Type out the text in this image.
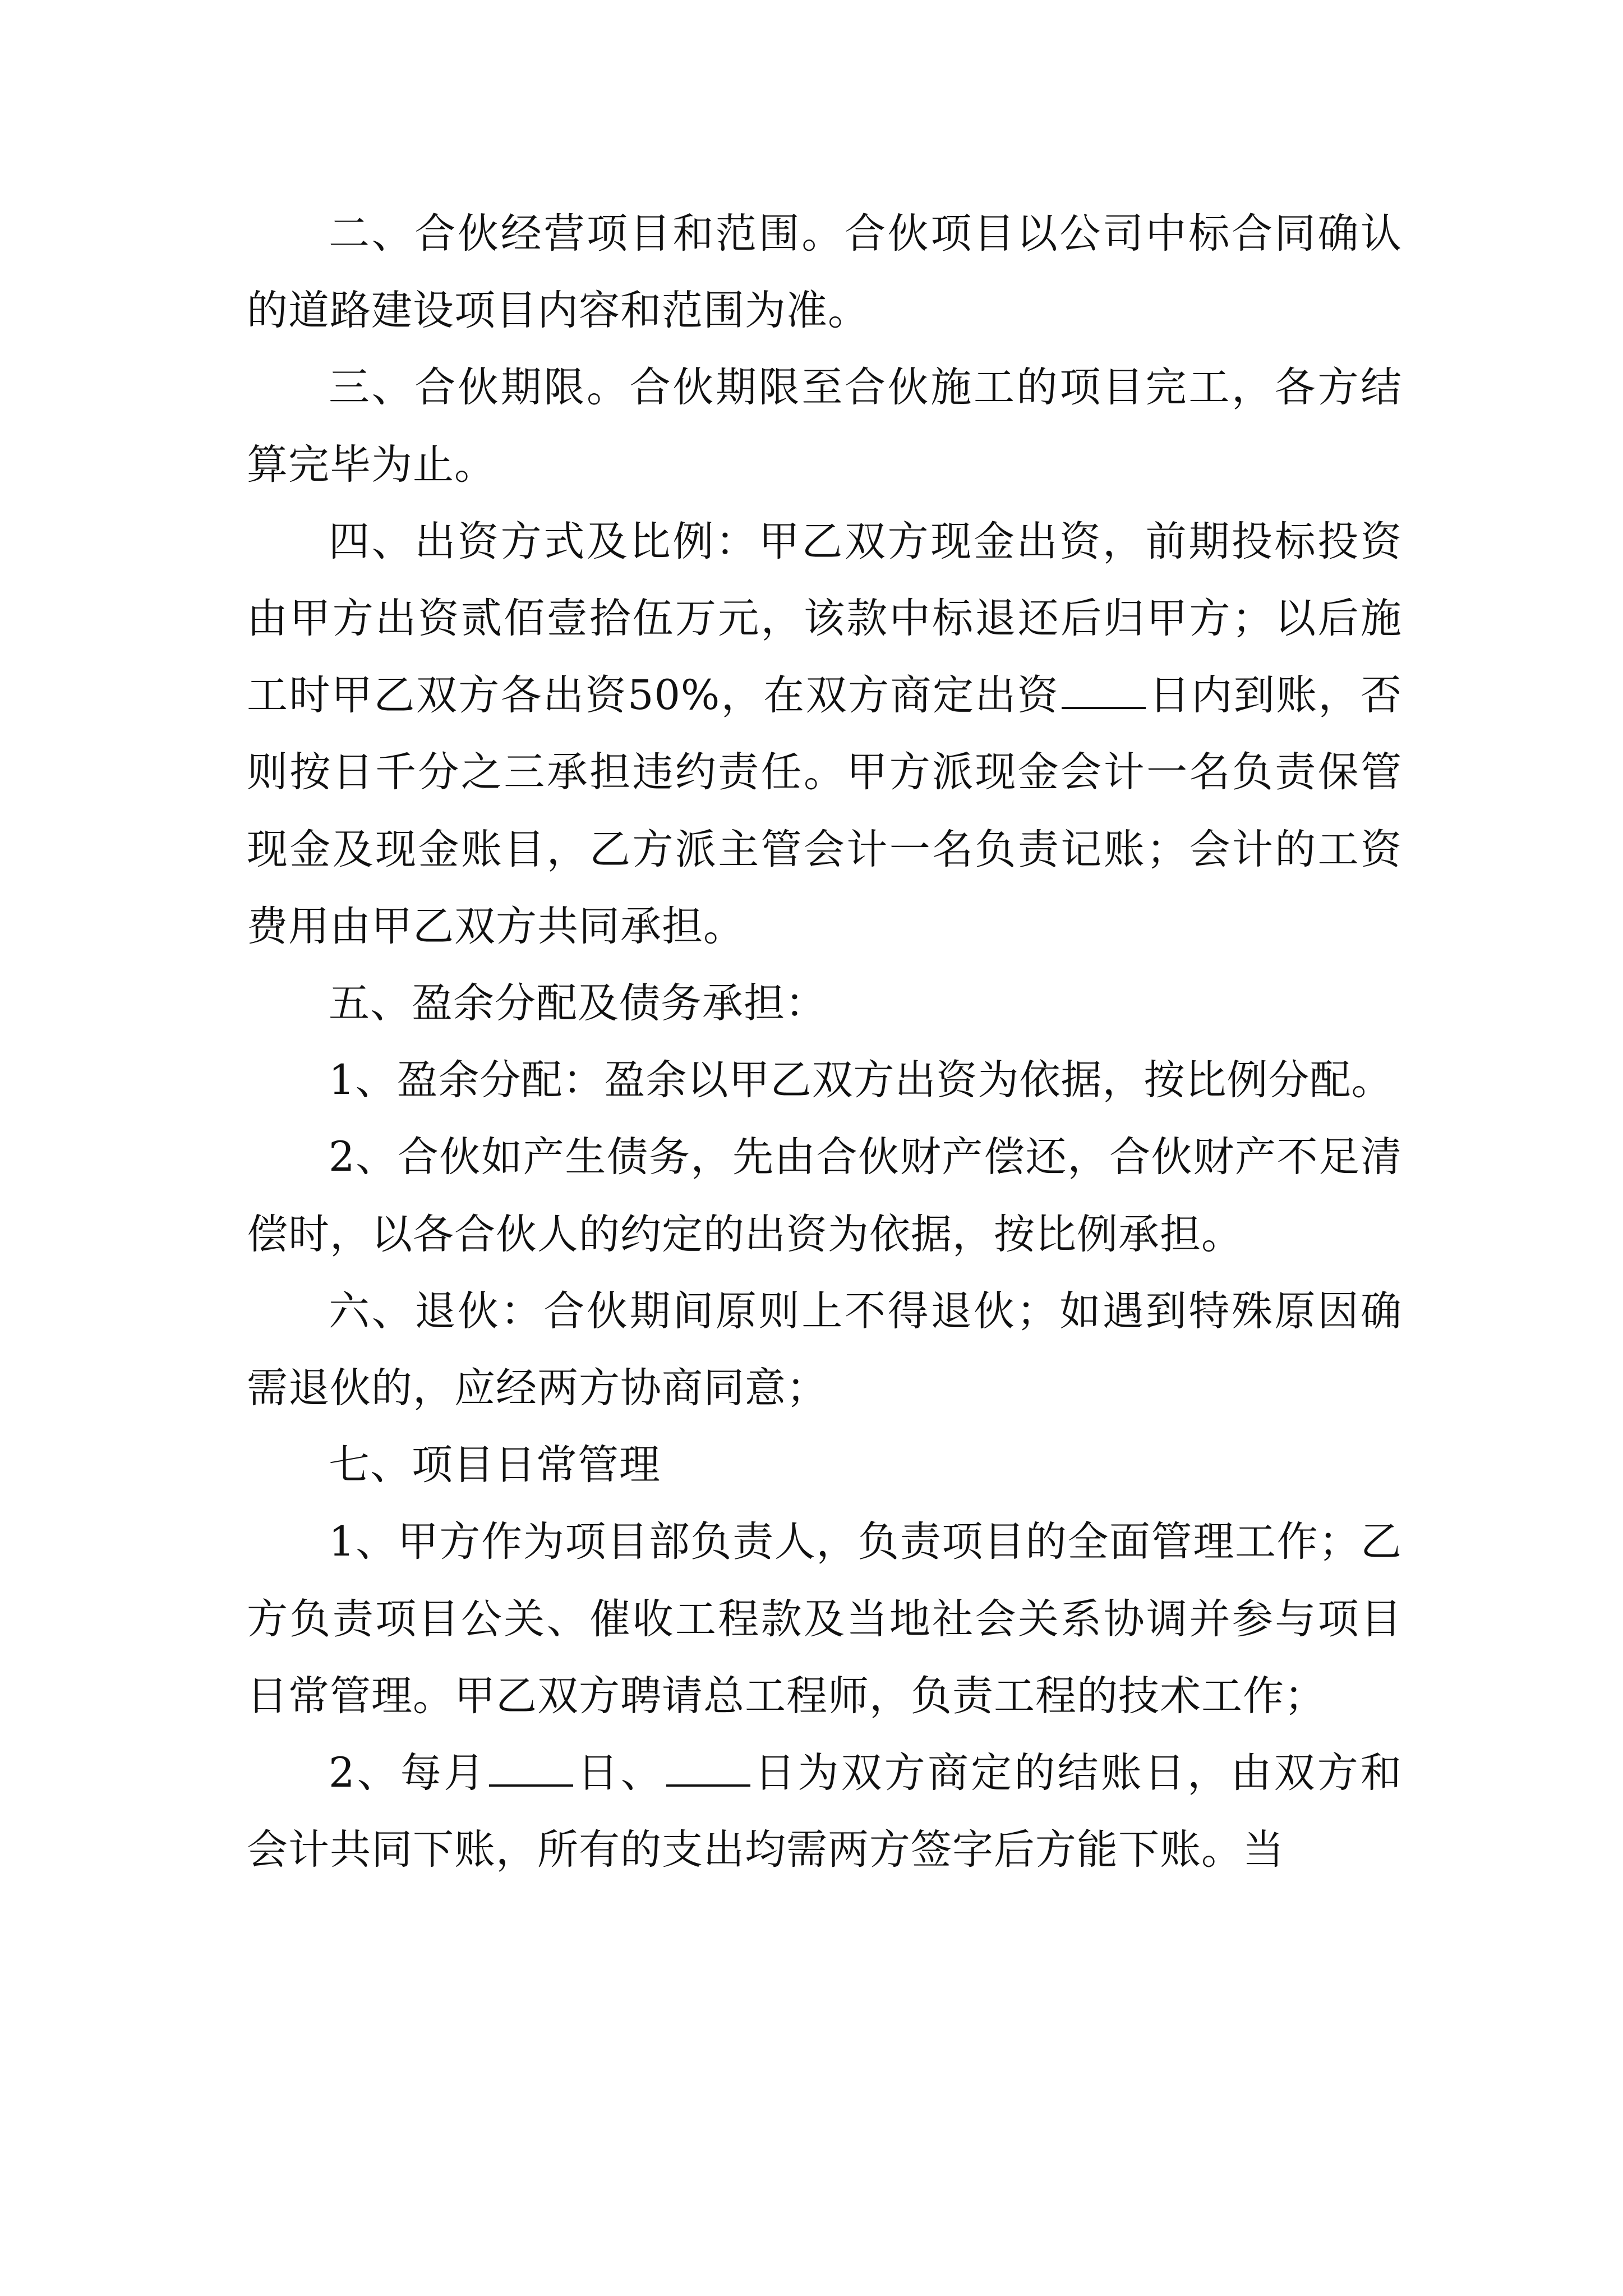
二、合伙经营项目和范围。合伙项目以公司中标合同确认的道路建设项目内容和范围为准。

三、合伙期限。合伙期限至合伙施工的项目完工，各方结算完毕为止。

四、出资方式及比例：甲乙双方现金出资，前期投标投资由甲方出资贰佰壹拾伍万元，该款中标退还后归甲方；以后施工时甲乙双方各出资50%，在双方商定出资 日内到账，否则按日千分之三承担违约责任。甲方派现金会计一名负责保管现金及现金账目，乙方派主管会计一名负责记账；会计的工资费用由甲乙双方共同承担。

五、盈余分配及债务承担：

1、盈余分配：盈余以甲乙双方出资为依据，按比例分配。

2、合伙如产生债务，先由合伙财产偿还，合伙财产不足清偿时，以各合伙人的约定的出资为依据，按比例承担。

六、退伙：合伙期间原则上不得退伙；如遇到特殊原因确需退伙的，应经两方协商同意；

七、项目日常管理

1、甲方作为项目部负责人，负责项目的全面管理工作；乙方负责项目公关、催收工程款及当地社会关系协调并参与项目日常管理。甲乙双方聘请总工程师，负责工程的技术工作；

2、每月 日、 日为双方商定的结账日，由双方和会计共同下账，所有的支出均需两方签字后方能下账。当
